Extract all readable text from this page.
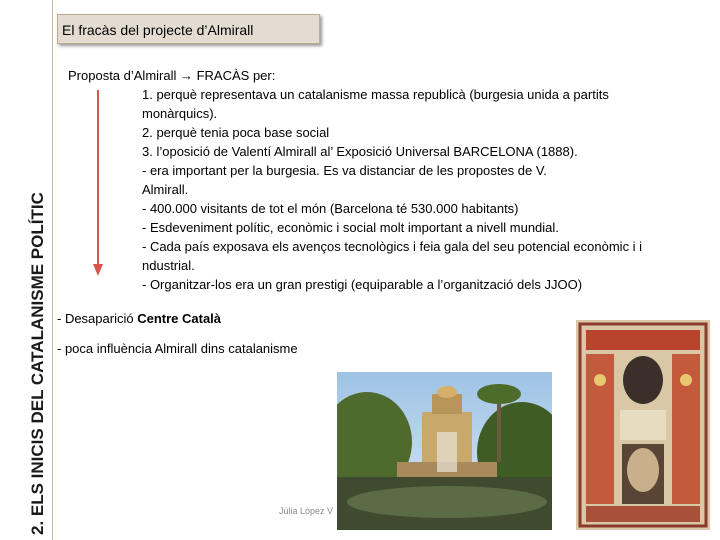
2. ELS INICIS DEL CATALANISME POLÍTIC
El fracàs del projecte d’Almirall
Proposta d’Almirall → FRACÀS per:
1. perquè representava un catalanisme massa republicà (burgesia unida a partits
monàrquics).
2. perquè tenia poca base social
3. l’oposició de Valentí Almirall al’ Exposició Universal BARCELONA (1888).
- era important per la burgesia. Es va distanciar de les propostes de V.
Almirall.
- 400.000 visitants de tot el món (Barcelona té 530.000 habitants)
- Esdeveniment polític, econòmic i social molt important a nivell mundial.
- Cada país exposava els avenços tecnològics i feia gala del seu potencial econòmic i i
ndustrial.
- Organitzar-los era un gran prestigi (equiparable a l’organització dels JJOO)
- Desaparició Centre Català
- poca influència Almirall dins catalanisme
Júlia López V
